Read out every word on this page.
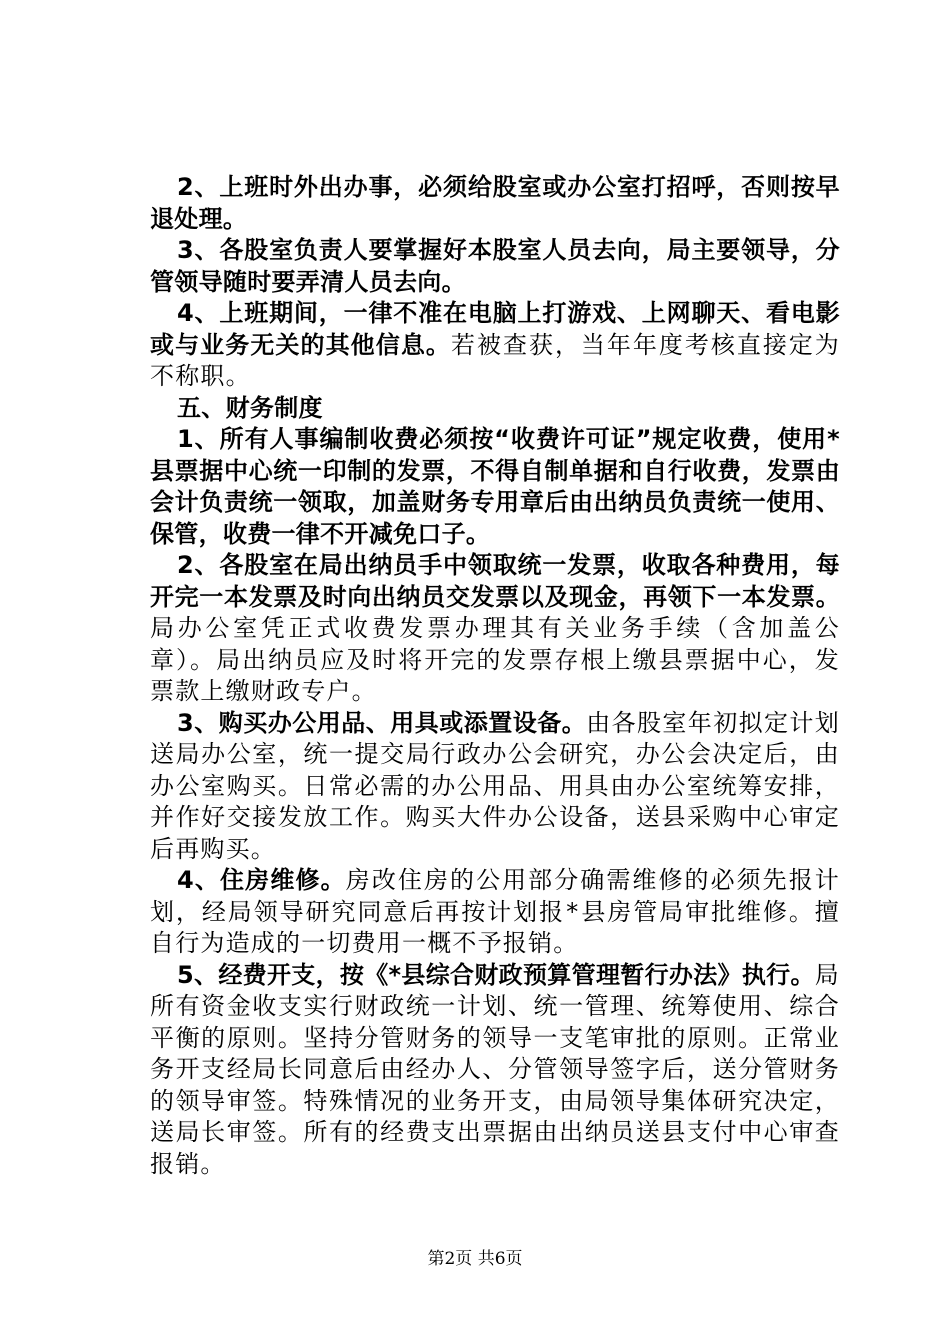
2、上班时外出办事，必须给股室或办公室打招呼，否则按早退处理。

3、各股室负责人要掌握好本股室人员去向，局主要领导，分管领导随时要弄清人员去向。

4、上班期间，一律不准在电脑上打游戏、上网聊天、看电影或与业务无关的其他信息。若被查获，当年年度考核直接定为不称职。

五、财务制度

1、所有人事编制收费必须按“收费许可证”规定收费，使用*县票据中心统一印制的发票，不得自制单据和自行收费，发票由会计负责统一领取，加盖财务专用章后由出纳员负责统一使用、保管，收费一律不开减免口子。

2、各股室在局出纳员手中领取统一发票，收取各种费用，每开完一本发票及时向出纳员交发票以及现金，再领下一本发票。局办公室凭正式收费发票办理其有关业务手续（含加盖公章）。局出纳员应及时将开完的发票存根上缴县票据中心，发票款上缴财政专户。

3、购买办公用品、用具或添置设备。由各股室年初拟定计划送局办公室，统一提交局行政办公会研究，办公会决定后，由办公室购买。日常必需的办公用品、用具由办公室统筹安排，并作好交接发放工作。购买大件办公设备，送县采购中心审定后再购买。

4、住房维修。房改住房的公用部分确需维修的必须先报计划，经局领导研究同意后再按计划报*县房管局审批维修。擅自行为造成的一切费用一概不予报销。

5、经费开支，按《*县综合财政预算管理暂行办法》执行。局所有资金收支实行财政统一计划、统一管理、统筹使用、综合平衡的原则。坚持分管财务的领导一支笔审批的原则。正常业务开支经局长同意后由经办人、分管领导签字后，送分管财务的领导审签。特殊情况的业务开支，由局领导集体研究决定，送局长审签。所有的经费支出票据由出纳员送县支付中心审查报销。

第2页 共6页
